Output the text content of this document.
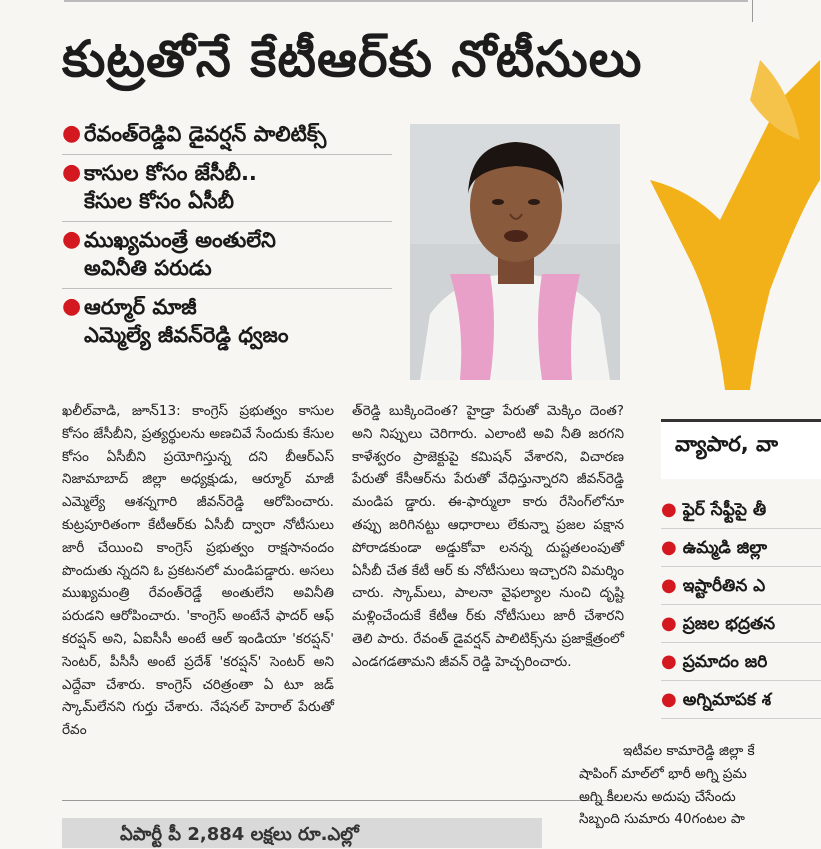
కుట్రతోనే కేటీఆర్‌కు నోటీసులు
● రేవంత్‌రెడ్డివి డైవర్షన్ పాలిటిక్స్
● కాసుల కోసం జేసీబీ..
కేసుల కోసం ఏసీబీ
● ముఖ్యమంత్రే అంతులేని
అవినీతి పరుడు
● ఆర్మూర్ మాజీ
ఎమ్మెల్యే జీవన్‌రెడ్డి ధ్వజం

ఖలీల్‌వాడి, జూన్13: కాంగ్రెస్ ప్రభుత్వం కాసుల కోసం జేసీబీని, ప్రత్యర్థులను అణచివే సేందుకు కేసుల కోసం ఏసీబీని ప్రయోగిస్తున్న దని బీఆర్ఎస్ నిజామాబాద్ జిల్లా అధ్యక్షుడు, ఆర్మూర్ మాజీ ఎమ్మెల్యే ఆశన్నగారి జీవన్‌రెడ్డి ఆరోపించారు. కుట్రపూరితంగా కేటీఆర్‌కు ఏసీబీ ద్వారా నోటీసులు జారీ చేయించి కాంగ్రెస్ ప్రభుత్వం రాక్షసానందం పొందుతు న్నదని ఓ ప్రకటనలో మండిపడ్డారు. అసలు ముఖ్యమంత్రి రేవంత్‌రెడ్డే అంతులేని అవినీతి పరుడని ఆరోపించారు. 'కాంగ్రెస్ అంటేనే ఫాదర్ ఆఫ్ కరప్షన్ అని, ఏఐసీసీ అంటే ఆల్ ఇండియా 'కరప్షన్' సెంటర్, పీసీసీ అంటే ప్రదేశ్ 'కరప్షన్' సెంటర్ అని ఎద్దేవా చేశారు. కాంగ్రెస్ చరిత్రంతా ఏ టూ జడ్ స్కామ్‌లేనని గుర్తు చేశారు. నేషనల్ హెరాల్ పేరుతో రేవం

త్‌రెడ్డి బుక్కిందెంత? హైడ్రా పేరుతో మెక్కిం దెంత? అని నిప్పులు చెరిగారు. ఎలాంటి అవి నీతి జరగని కాళేశ్వరం ప్రాజెక్టుపై కమిషన్ వేశారని, విచారణ పేరుతో కేసీఆర్‌ను పేరుతో వేధిస్తున్నారని జీవన్‌రెడ్డి మండిప డ్డారు. ఈ-ఫార్ములా కారు రేసింగ్‌లోనూ తప్పు జరిగినట్టు ఆధారాలు లేకున్నా ప్రజల పక్షాన పోరాడకుండా అడ్డుకోవా లనన్న దుష్టతలంపుతో ఏసీబీ చేత కేటీ ఆర్ కు నోటీసులు ఇచ్చారని విమర్శిం చారు. స్కామ్‌లు, పాలనా వైఫల్యాల నుంచి దృష్టి మళ్లించేందుకే కేటీఆ ర్‌కు నోటీసులు జారీ చేశారని తెలి పారు. రేవంత్ డైవర్షన్ పాలిటిక్స్‌ను ప్రజాక్షేత్రంలో ఎండగడతామని జీవన్ రెడ్డి హెచ్చరించారు.

ఏపార్టీ పీ 2,884 లక్షలు రూ.ఎల్లో
వ్యాపార, వా
● ఫైర్ సేఫ్టీపై తీ
● ఉమ్మడి జిల్లా
● ఇష్టారీతిన ఎ
● ప్రజల భద్రతన
● ప్రమాదం జరి
● అగ్నిమాపక శ
ఇటీవల కామారెడ్డి జిల్లా కే
షాపింగ్ మాల్‌లో భారీ అగ్ని ప్రమ
అగ్ని కీలలను అదుపు చేసేందు
సిబ్బంది సుమారు 40గంటల పా
